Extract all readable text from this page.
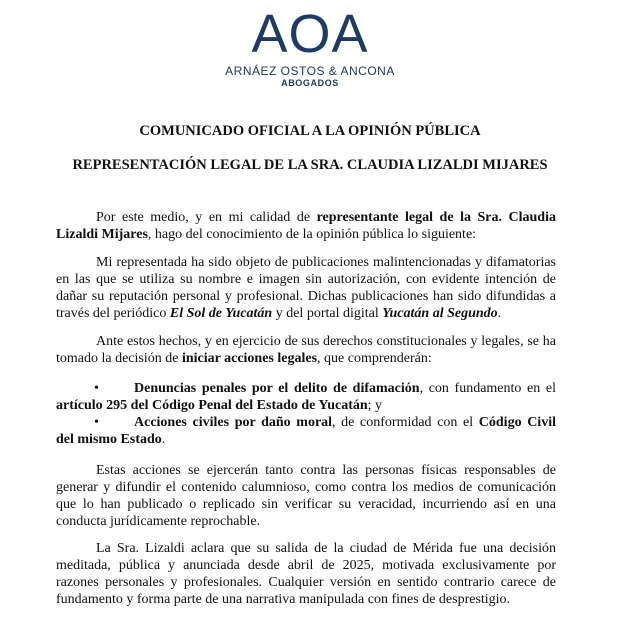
AOA
ARNÁEZ OSTOS & ANCONA
ABOGADOS
COMUNICADO OFICIAL A LA OPINIÓN PÚBLICA
REPRESENTACIÓN LEGAL DE LA SRA. CLAUDIA LIZALDI MIJARES

Por este medio, y en mi calidad de representante legal de la Sra. Claudia Lizaldi Mijares, hago del conocimiento de la opinión pública lo siguiente:

Mi representada ha sido objeto de publicaciones malintencionadas y difamatorias en las que se utiliza su nombre e imagen sin autorización, con evidente intención de dañar su reputación personal y profesional. Dichas publicaciones han sido difundidas a través del periódico El Sol de Yucatán y del portal digital Yucatán al Segundo.

Ante estos hechos, y en ejercicio de sus derechos constitucionales y legales, se ha tomado la decisión de iniciar acciones legales, que comprenderán:

•	Denuncias penales por el delito de difamación, con fundamento en el artículo 295 del Código Penal del Estado de Yucatán; y

•	Acciones civiles por daño moral, de conformidad con el Código Civil del mismo Estado.

Estas acciones se ejercerán tanto contra las personas físicas responsables de generar y difundir el contenido calumnioso, como contra los medios de comunicación que lo han publicado o replicado sin verificar su veracidad, incurriendo así en una conducta jurídicamente reprochable.

La Sra. Lizaldi aclara que su salida de la ciudad de Mérida fue una decisión meditada, pública y anunciada desde abril de 2025, motivada exclusivamente por razones personales y profesionales. Cualquier versión en sentido contrario carece de fundamento y forma parte de una narrativa manipulada con fines de desprestigio.
